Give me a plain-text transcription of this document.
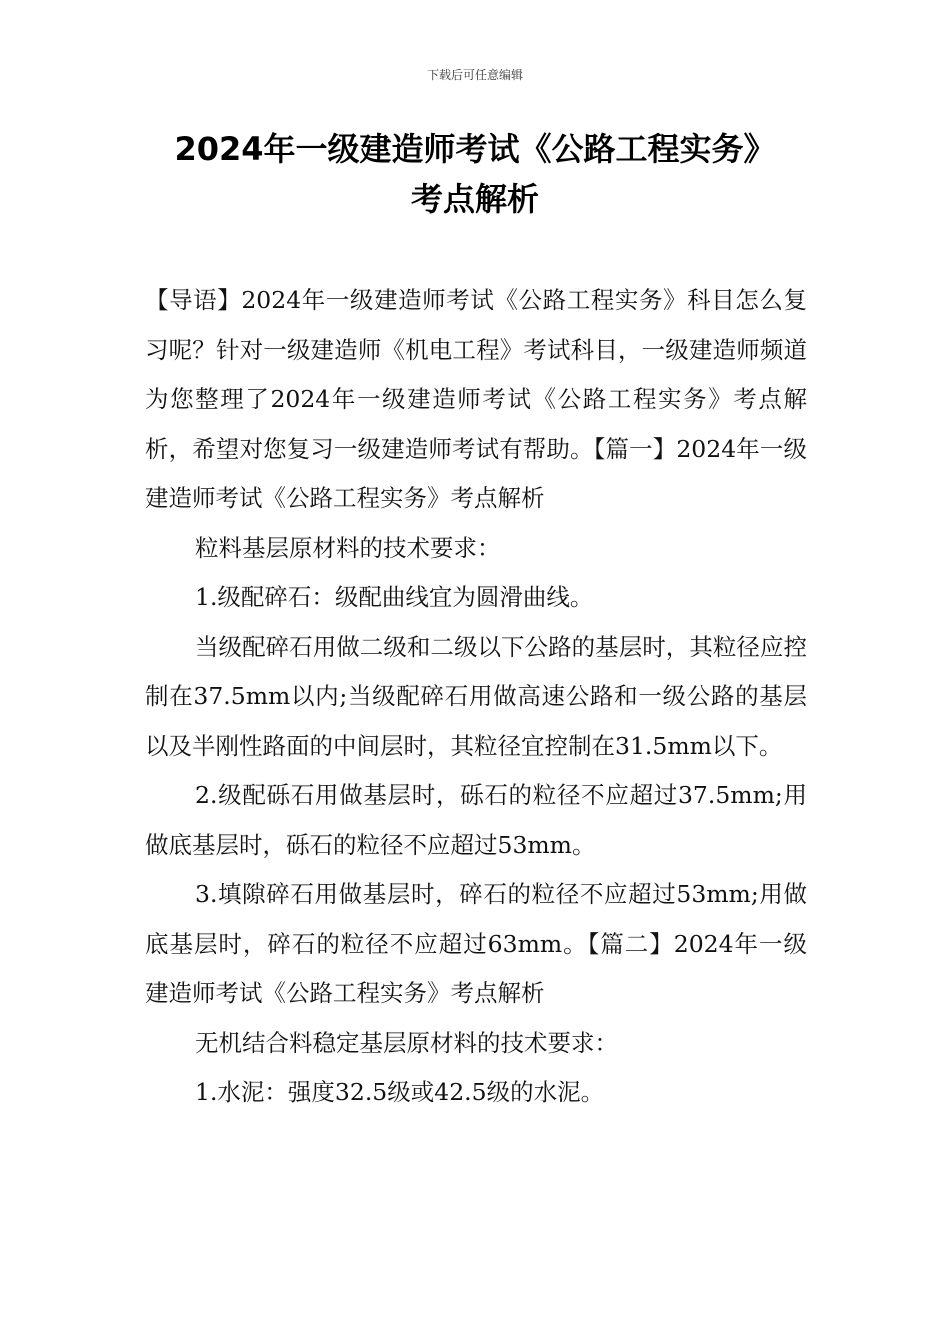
下载后可任意编辑
2024年一级建造师考试《公路工程实务》
考点解析

【导语】2024年一级建造师考试《公路工程实务》科目怎么复习呢？针对一级建造师《机电工程》考试科目，一级建造师频道为您整理了2024年一级建造师考试《公路工程实务》考点解析，希望对您复习一级建造师考试有帮助。【篇一】2024年一级建造师考试《公路工程实务》考点解析

粒料基层原材料的技术要求：

1.级配碎石：级配曲线宜为圆滑曲线。

当级配碎石用做二级和二级以下公路的基层时，其粒径应控制在37.5mm以内;当级配碎石用做高速公路和一级公路的基层以及半刚性路面的中间层时，其粒径宜控制在31.5mm以下。

2.级配砾石用做基层时，砾石的粒径不应超过37.5mm;用做底基层时，砾石的粒径不应超过53mm。

3.填隙碎石用做基层时，碎石的粒径不应超过53mm;用做底基层时，碎石的粒径不应超过63mm。【篇二】2024年一级建造师考试《公路工程实务》考点解析

无机结合料稳定基层原材料的技术要求：

1.水泥：强度32.5级或42.5级的水泥。
